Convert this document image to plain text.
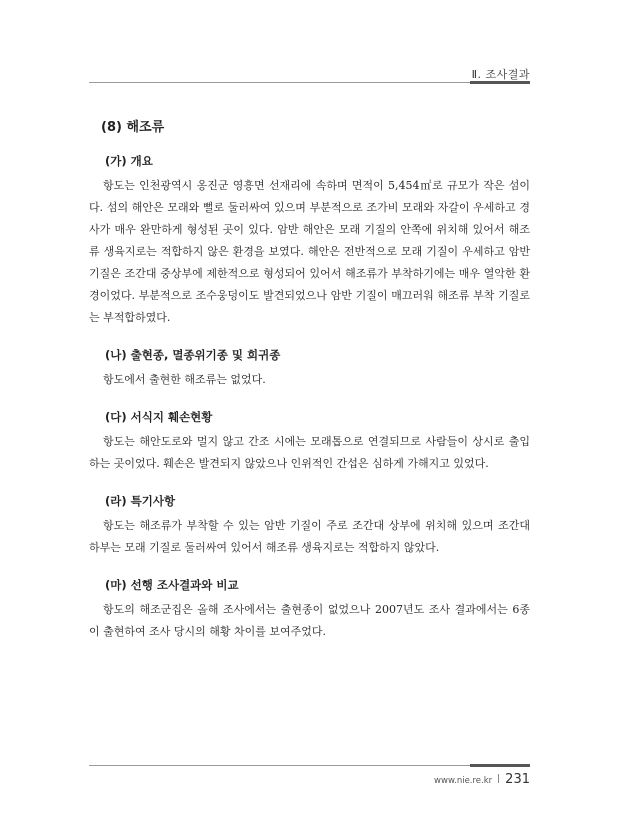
Ⅱ. 조사결과
(8) 해조류
(가) 개요

항도는 인천광역시 옹진군 영흥면 선재리에 속하며 면적이 5,454㎡로 규모가 작은 섬이다. 섬의 해안은 모래와 뻘로 둘러싸여 있으며 부분적으로 조가비 모래와 자갈이 우세하고 경사가 매우 완만하게 형성된 곳이 있다. 암반 해안은 모래 기질의 안쪽에 위치해 있어서 해조류 생육지로는 적합하지 않은 환경을 보였다. 해안은 전반적으로 모래 기질이 우세하고 암반 기질은 조간대 중상부에 제한적으로 형성되어 있어서 해조류가 부착하기에는 매우 열악한 환경이었다. 부분적으로 조수웅덩이도 발견되었으나 암반 기질이 매끄러워 해조류 부착 기질로는 부적합하였다.

(나) 출현종, 멸종위기종 및 희귀종

항도에서 출현한 해조류는 없었다.

(다) 서식지 훼손현황

항도는 해안도로와 멀지 않고 간조 시에는 모래톱으로 연결되므로 사람들이 상시로 출입하는 곳이었다. 훼손은 발견되지 않았으나 인위적인 간섭은 심하게 가해지고 있었다.

(라) 특기사항

항도는 해조류가 부착할 수 있는 암반 기질이 주로 조간대 상부에 위치해 있으며 조간대 하부는 모래 기질로 둘러싸여 있어서 해조류 생육지로는 적합하지 않았다.

(마) 선행 조사결과와 비교

항도의 해조군집은 올해 조사에서는 출현종이 없었으나 2007년도 조사 결과에서는 6종이 출현하여 조사 당시의 해황 차이를 보여주었다.

www.nie.re.kr 231
